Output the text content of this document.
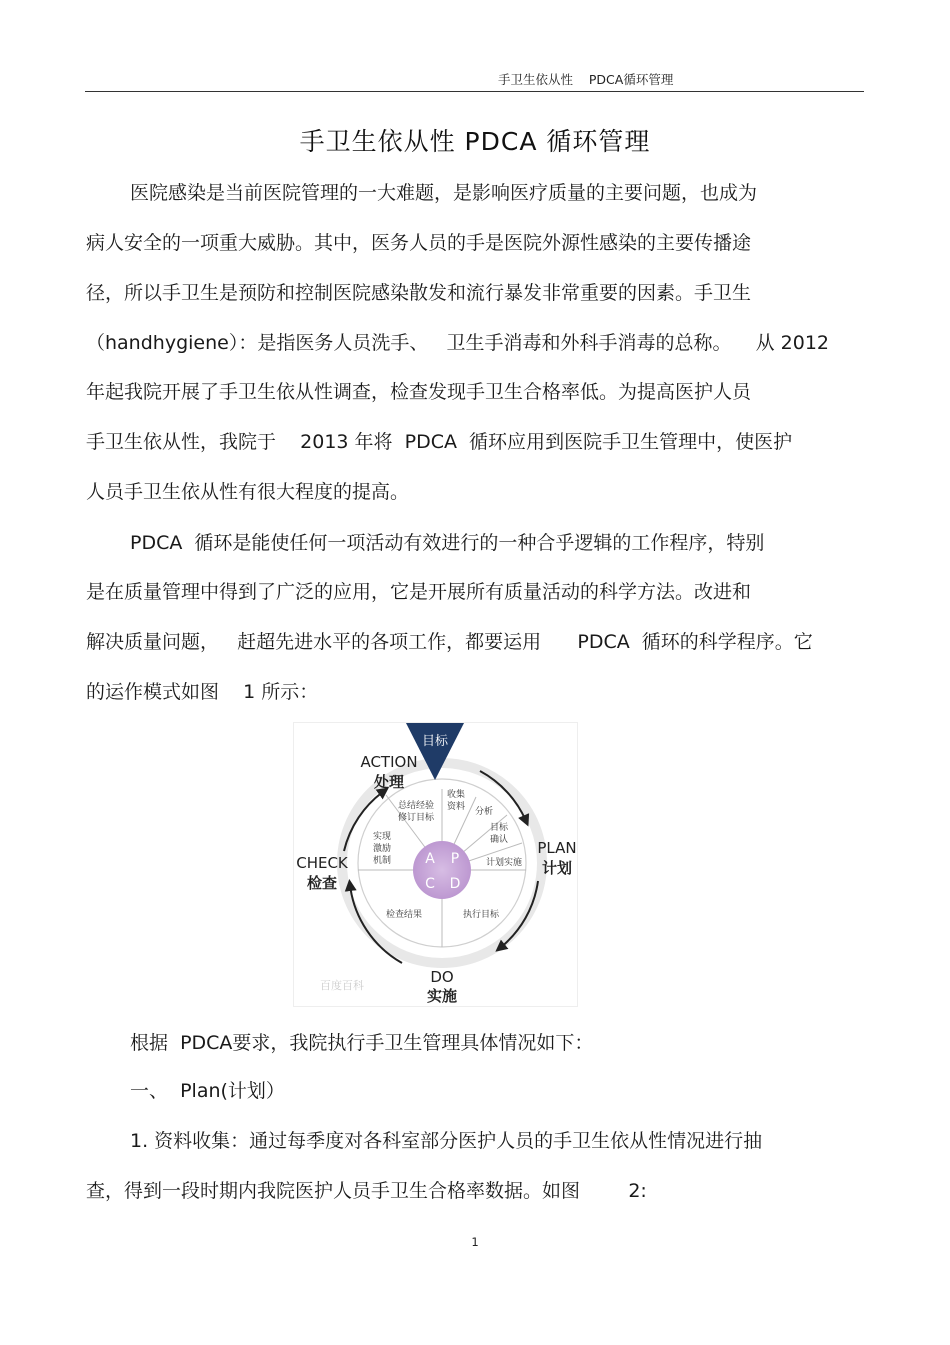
手卫生依从性    PDCA循环管理
手卫生依从性 PDCA 循环管理
医院感染是当前医院管理的一大难题，是影响医疗质量的主要问题，也成为
病人安全的一项重大威胁。其中，医务人员的手是医院外源性感染的主要传播途
径，所以手卫生是预防和控制医院感染散发和流行暴发非常重要的因素。手卫生
（handhygiene）：是指医务人员洗手、   卫生手消毒和外科手消毒的总称。    从 2012
年起我院开展了手卫生依从性调查，检查发现手卫生合格率低。为提高医护人员
手卫生依从性，我院于    2013 年将  PDCA  循环应用到医院手卫生管理中，使医护
人员手卫生依从性有很大程度的提高。
PDCA  循环是能使任何一项活动有效进行的一种合乎逻辑的工作程序，特别
是在质量管理中得到了广泛的应用，它是开展所有质量活动的科学方法。改进和
解决质量问题，   赶超先进水平的各项工作，都要运用      PDCA  循环的科学程序。它
的运作模式如图    1 所示：
目标
ACTION
处理
PLAN
计划
CHECK
检查
DO
实施
总结经验
修订目标
实现
激励
机制
收集
资料 分析
目标
确认
计划实施
检查结果	执行目标
A P
C D
百度百科
根据  PDCA要求，我院执行手卫生管理具体情况如下：
一、  Plan(计划）
1. 资料收集：通过每季度对各科室部分医护人员的手卫生依从性情况进行抽
查，得到一段时期内我院医护人员手卫生合格率数据。如图        2:
1
